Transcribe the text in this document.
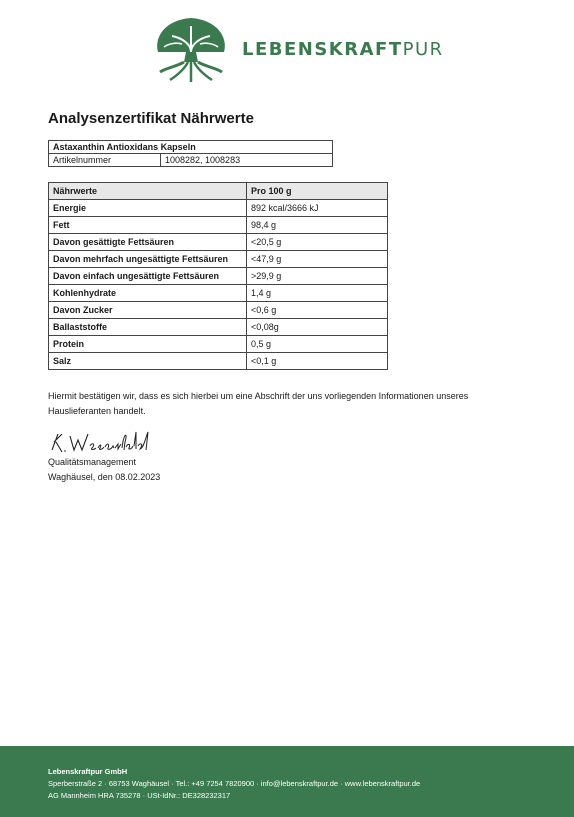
LEBENSKRAFTPUR
Analysenzertifikat Nährwerte
Astaxanthin Antioxidans Kapseln
Artikelnummer	1008282, 1008283
Nährwerte	Pro 100 g
Energie	892 kcal/3666 kJ
Fett	98,4 g
Davon gesättigte Fettsäuren	<20,5 g
Davon mehrfach ungesättigte Fettsäuren	<47,9 g
Davon einfach ungesättigte Fettsäuren	>29,9 g
Kohlenhydrate	1,4 g
Davon Zucker	<0,6 g
Ballaststoffe	<0,08g
Protein	0,5 g
Salz	<0,1 g
Hiermit bestätigen wir, dass es sich hierbei um eine Abschrift der uns vorliegenden Informationen unseres Hauslieferanten handelt.
Qualitätsmanagement
Waghäusel, den 08.02.2023
Lebenskraftpur GmbH
Sperberstraße 2 · 68753 Waghäusel · Tel.: +49 7254 7820900 · info@lebenskraftpur.de · www.lebenskraftpur.de
AG Mannheim HRA 735278 · USt-IdNr.: DE328232317
